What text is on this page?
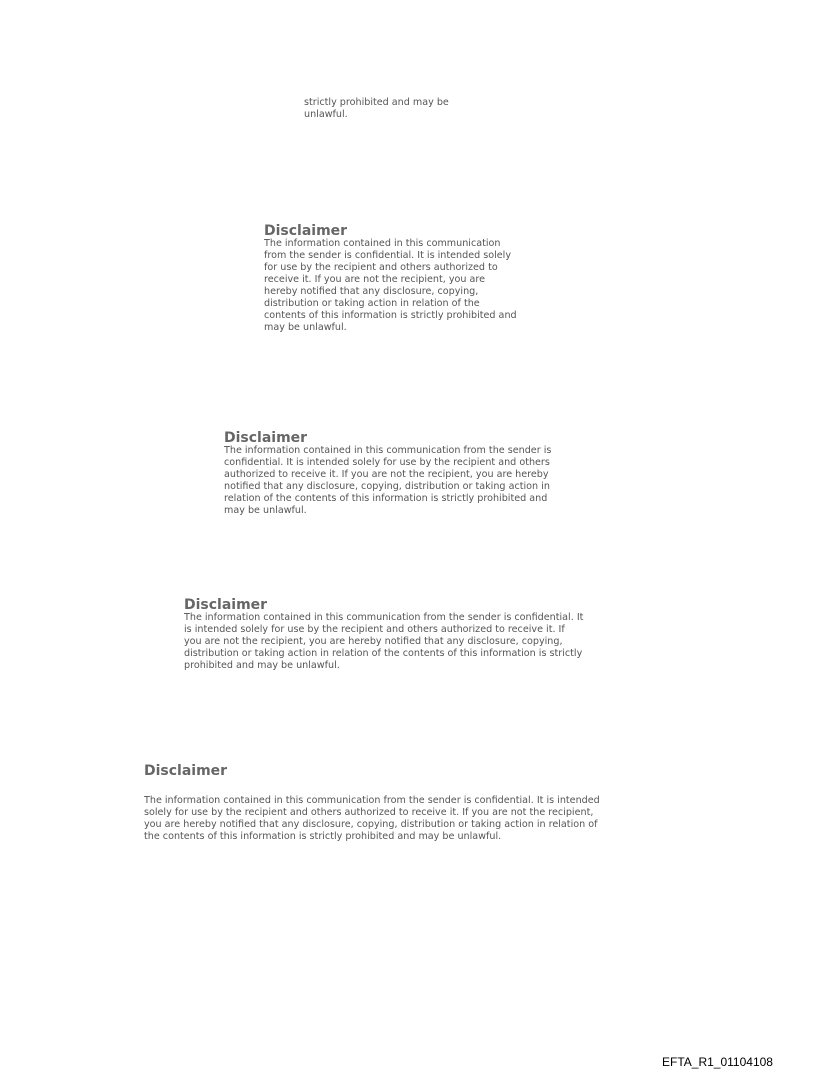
strictly prohibited and may be
unlawful.

Disclaimer

The information contained in this communication
from the sender is confidential. It is intended solely
for use by the recipient and others authorized to
receive it. If you are not the recipient, you are
hereby notified that any disclosure, copying,
distribution or taking action in relation of the
contents of this information is strictly prohibited and
may be unlawful.

Disclaimer

The information contained in this communication from the sender is
confidential. It is intended solely for use by the recipient and others
authorized to receive it. If you are not the recipient, you are hereby
notified that any disclosure, copying, distribution or taking action in
relation of the contents of this information is strictly prohibited and
may be unlawful.

Disclaimer

The information contained in this communication from the sender is confidential. It
is intended solely for use by the recipient and others authorized to receive it. If
you are not the recipient, you are hereby notified that any disclosure, copying,
distribution or taking action in relation of the contents of this information is strictly
prohibited and may be unlawful.

Disclaimer

The information contained in this communication from the sender is confidential. It is intended
solely for use by the recipient and others authorized to receive it. If you are not the recipient,
you are hereby notified that any disclosure, copying, distribution or taking action in relation of
the contents of this information is strictly prohibited and may be unlawful.

EFTA_R1_01104108
